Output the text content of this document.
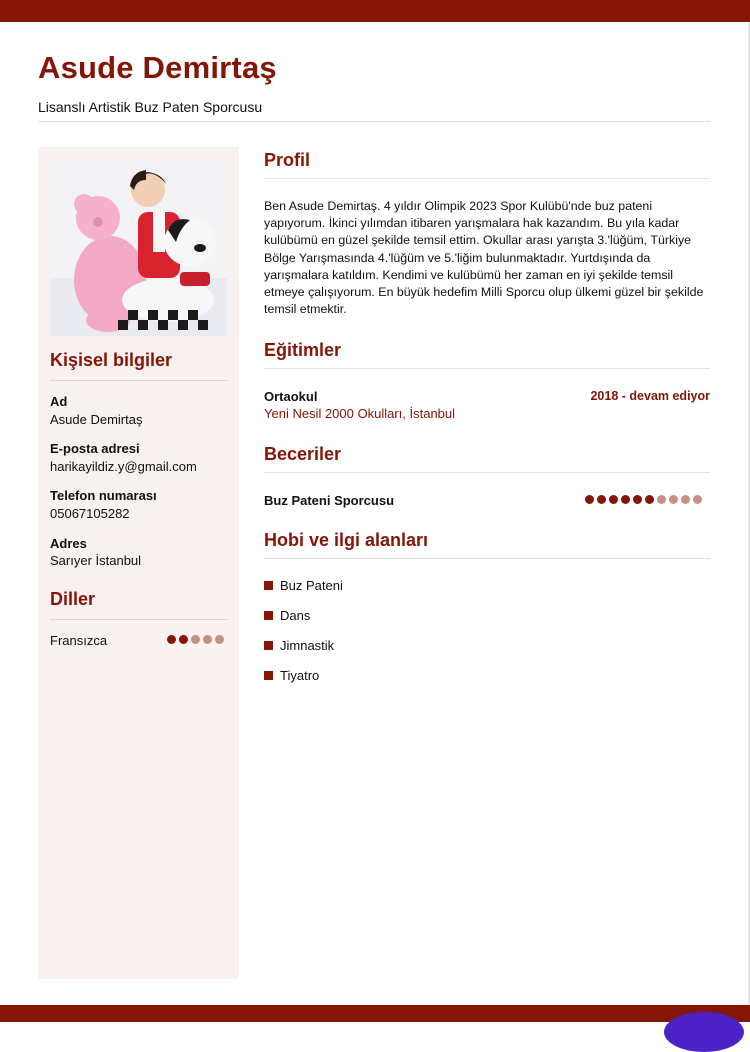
Asude Demirtaş
Lisanslı Artistik Buz Paten Sporcusu
Kişisel bilgiler
Ad
Asude Demirtaş
E-posta adresi
harikayildiz.y@gmail.com
Telefon numarası
05067105282
Adres
Sarıyer İstanbul
Diller
Fransızca
Profil

Ben Asude Demirtaş. 4 yıldır Olimpik 2023 Spor Kulübü'nde buz pateni yapıyorum. İkinci yılımdan itibaren yarışmalara hak kazandım. Bu yıla kadar kulübümü en güzel şekilde temsil ettim. Okullar arası yarışta 3.'lüğüm, Türkiye Bölge Yarışmasında 4.'lüğüm ve 5.'liğim bulunmaktadır. Yurtdışında da yarışmalara katıldım. Kendimi ve kulübümü her zaman en iyi şekilde temsil etmeye çalışıyorum. En büyük hedefim Milli Sporcu olup ülkemi güzel bir şekilde temsil etmektir.

Eğitimler
Ortaokul	2018 - devam ediyor
Yeni Nesil 2000 Okulları, İstanbul
Beceriler
Buz Pateni Sporcusu
Hobi ve ilgi alanları
Buz Pateni
Dans
Jimnastik
Tiyatro
